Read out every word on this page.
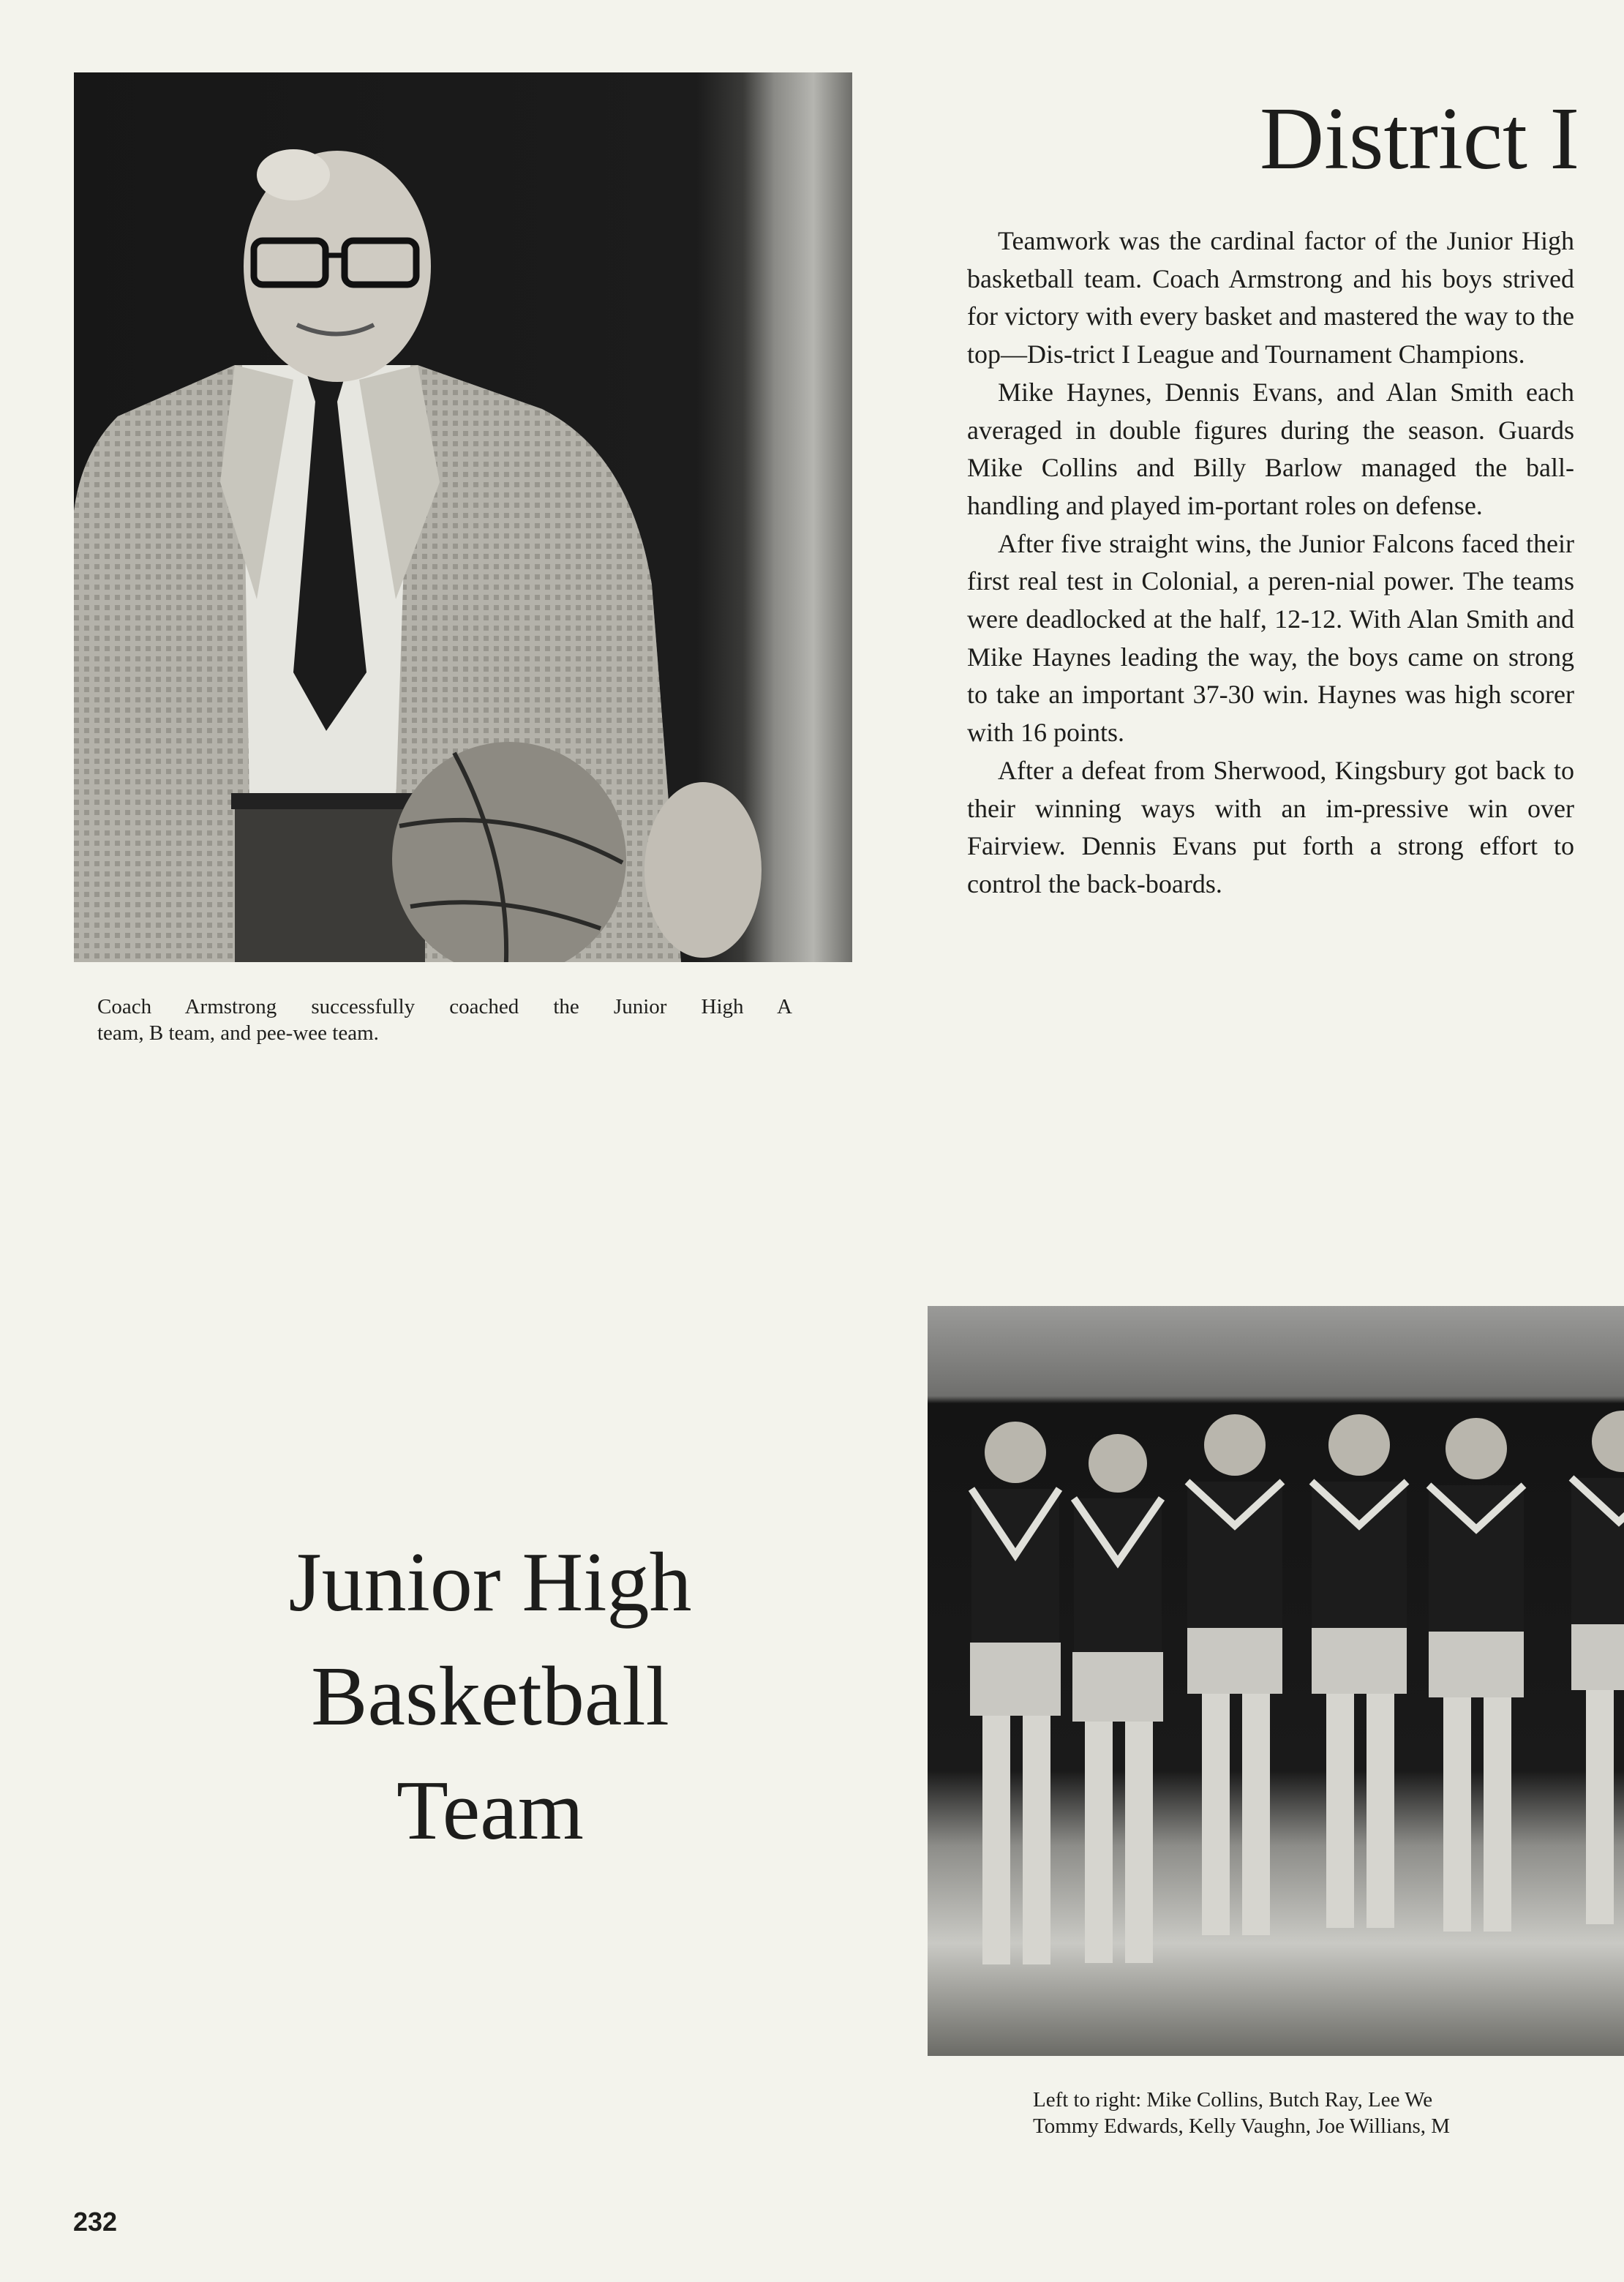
Coach Armstrong successfully coached the Junior High A
team, B team, and pee-wee team.

District I

Teamwork was the cardinal factor of the Junior High basketball team. Coach Armstrong and his boys strived for victory with every basket and mastered the way to the top—Dis-trict I League and Tournament Champions.

Mike Haynes, Dennis Evans, and Alan Smith each averaged in double figures during the season. Guards Mike Collins and Billy Barlow managed the ball-handling and played im-portant roles on defense.

After five straight wins, the Junior Falcons faced their first real test in Colonial, a peren-nial power. The teams were deadlocked at the half, 12-12. With Alan Smith and Mike Haynes leading the way, the boys came on strong to take an important 37-30 win. Haynes was high scorer with 16 points.

After a defeat from Sherwood, Kingsbury got back to their winning ways with an im-pressive win over Fairview. Dennis Evans put forth a strong effort to control the back-boards.

Junior High
Basketball
Team

Left to right: Mike Collins, Butch Ray, Lee We
Tommy Edwards, Kelly Vaughn, Joe Willians, M

232
